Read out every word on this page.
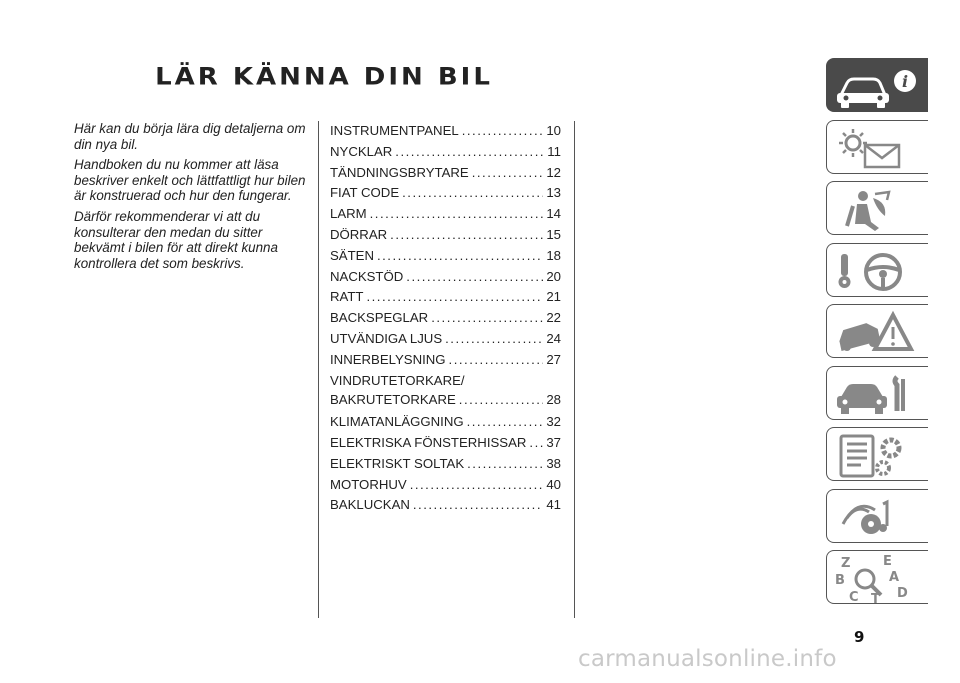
LÄR KÄNNA DIN BIL

Här kan du börja lära dig detaljerna om din nya bil.

Handboken du nu kommer att läsa beskriver enkelt och lättfattligt hur bilen är konstruerad och hur den fungerar.

Därför rekommenderar vi att du konsulterar den medan du sitter bekvämt i bilen för att direkt kunna kontrollera det som beskrivs.

INSTRUMENTPANEL .....	10
NYCKLAR .....	11
TÄNDNINGSBRYTARE .....	12
FIAT CODE .....	13
LARM .....	14
DÖRRAR .....	15
SÄTEN .....	18
NACKSTÖD .....	20
RATT .....	21
BACKSPEGLAR .....	22
UTVÄNDIGA LJUS .....	24
INNERBELYSNING .....	27
VINDRUTETORKARE/
BAKRUTETORKARE .....	28
KLIMATANLÄGGNING .....	32
ELEKTRISKA FÖNSTERHISSAR ..... 37
ELEKTRISKT SOLTAK .....	38
MOTORHUV .....	40
BAKLUCKAN .....	41
i
Z	E
B	A
C T D
9
carmanualsonline.info
